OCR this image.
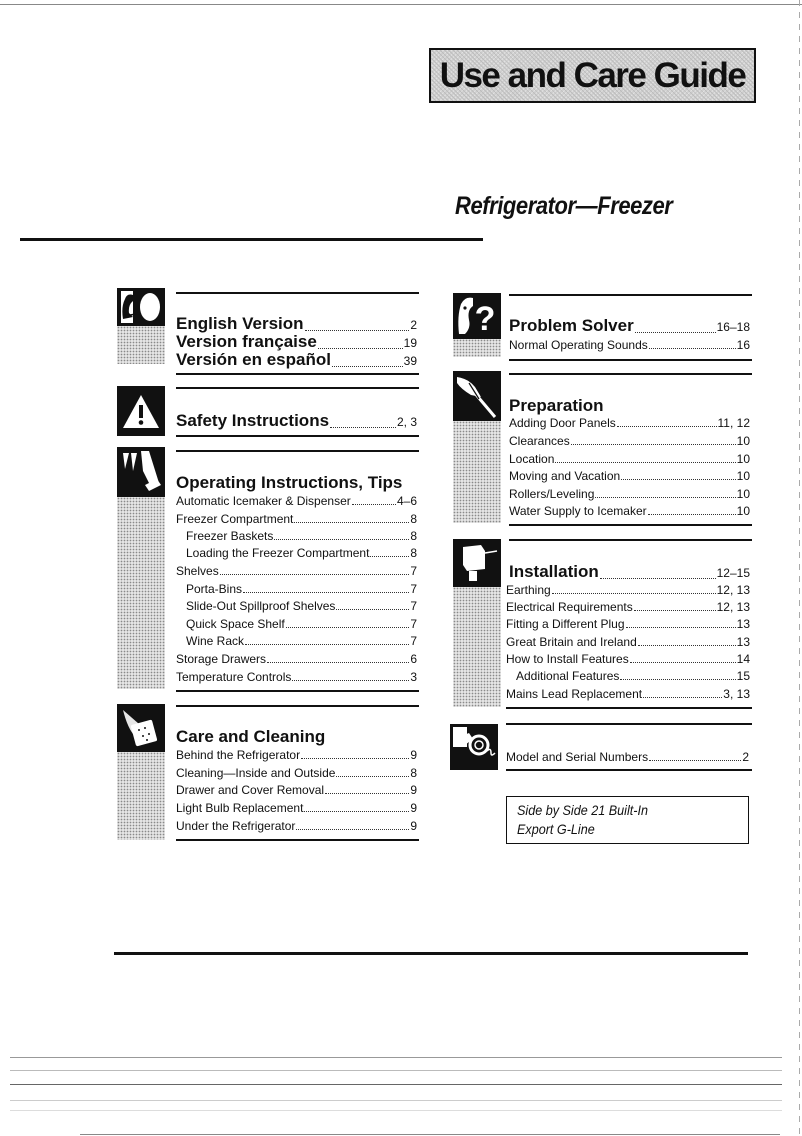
Use and Care Guide
Refrigerator—Freezer
English Version	2
Version française	19
Versión en español	39
Safety Instructions	2, 3
Operating Instructions, Tips
Automatic Icemaker & Dispenser	4–6
Freezer Compartment	8
Freezer Baskets	8
Loading the Freezer Compartment	8
Shelves	7
Porta-Bins	7
Slide-Out Spillproof Shelves	7
Quick Space Shelf	7
Wine Rack	7
Storage Drawers	6
Temperature Controls	3
Care and Cleaning
Behind the Refrigerator	9
Cleaning—Inside and Outside	8
Drawer and Cover Removal	9
Light Bulb Replacement	9
Under the Refrigerator	9
? Problem Solver	16–18
Normal Operating Sounds	16
Preparation
Adding Door Panels	11, 12
Clearances	10
Location	10
Moving and Vacation	10
Rollers/Leveling	10
Water Supply to Icemaker	10
Installation	12–15
Earthing	12, 13
Electrical Requirements	12, 13
Fitting a Different Plug	13
Great Britain and Ireland	13
How to Install Features	14
Additional Features	15
Mains Lead Replacement	3, 13
Model and Serial Numbers	2
Side by Side 21 Built-In
Export G-Line
